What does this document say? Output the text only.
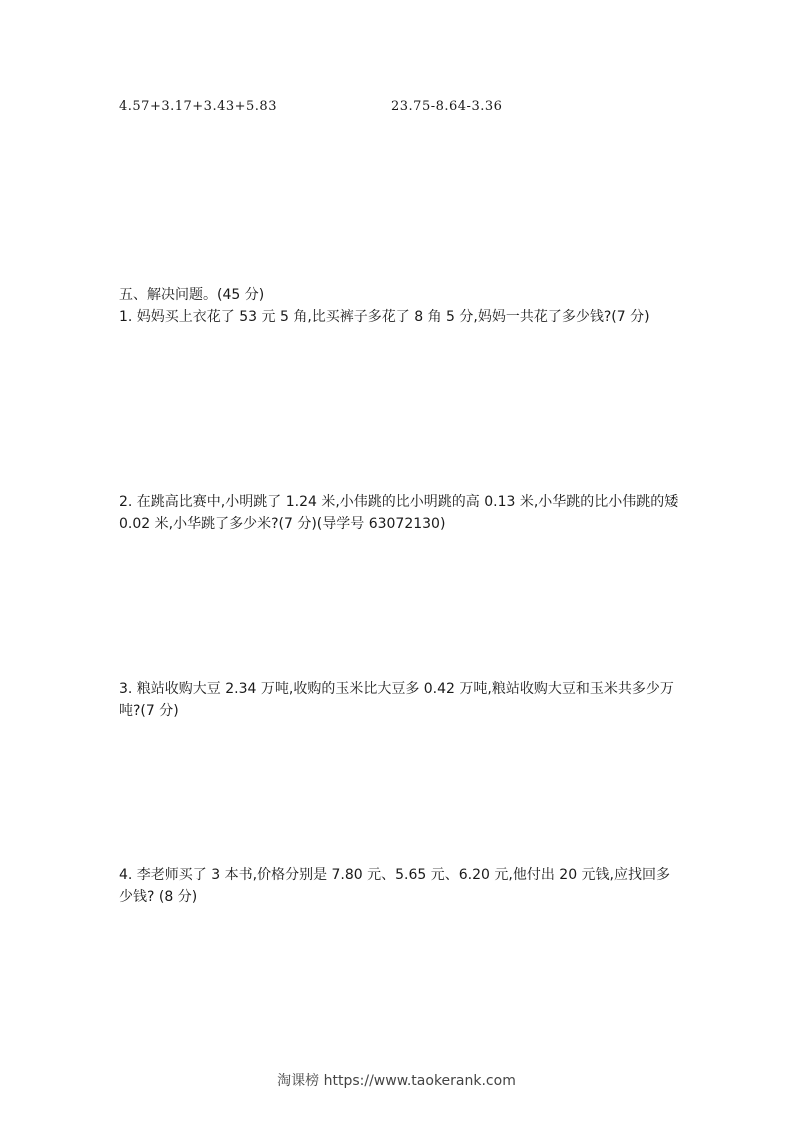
4.57+3.17+3.43+5.83	23.75-8.64-3.36
五、解决问题。(45 分)
1. 妈妈买上衣花了 53 元 5 角,比买裤子多花了 8 角 5 分,妈妈一共花了多少钱?(7 分)
2. 在跳高比赛中,小明跳了 1.24 米,小伟跳的比小明跳的高 0.13 米,小华跳的比小伟跳的矮 0.02 米,小华跳了多少米?(7 分)(导学号 63072130)
3. 粮站收购大豆 2.34 万吨,收购的玉米比大豆多 0.42 万吨,粮站收购大豆和玉米共多少万吨?(7 分)
4. 李老师买了 3 本书,价格分别是 7.80 元、5.65 元、6.20 元,他付出 20 元钱,应找回多少钱? (8 分)
淘课榜 https://www.taokerank.com
